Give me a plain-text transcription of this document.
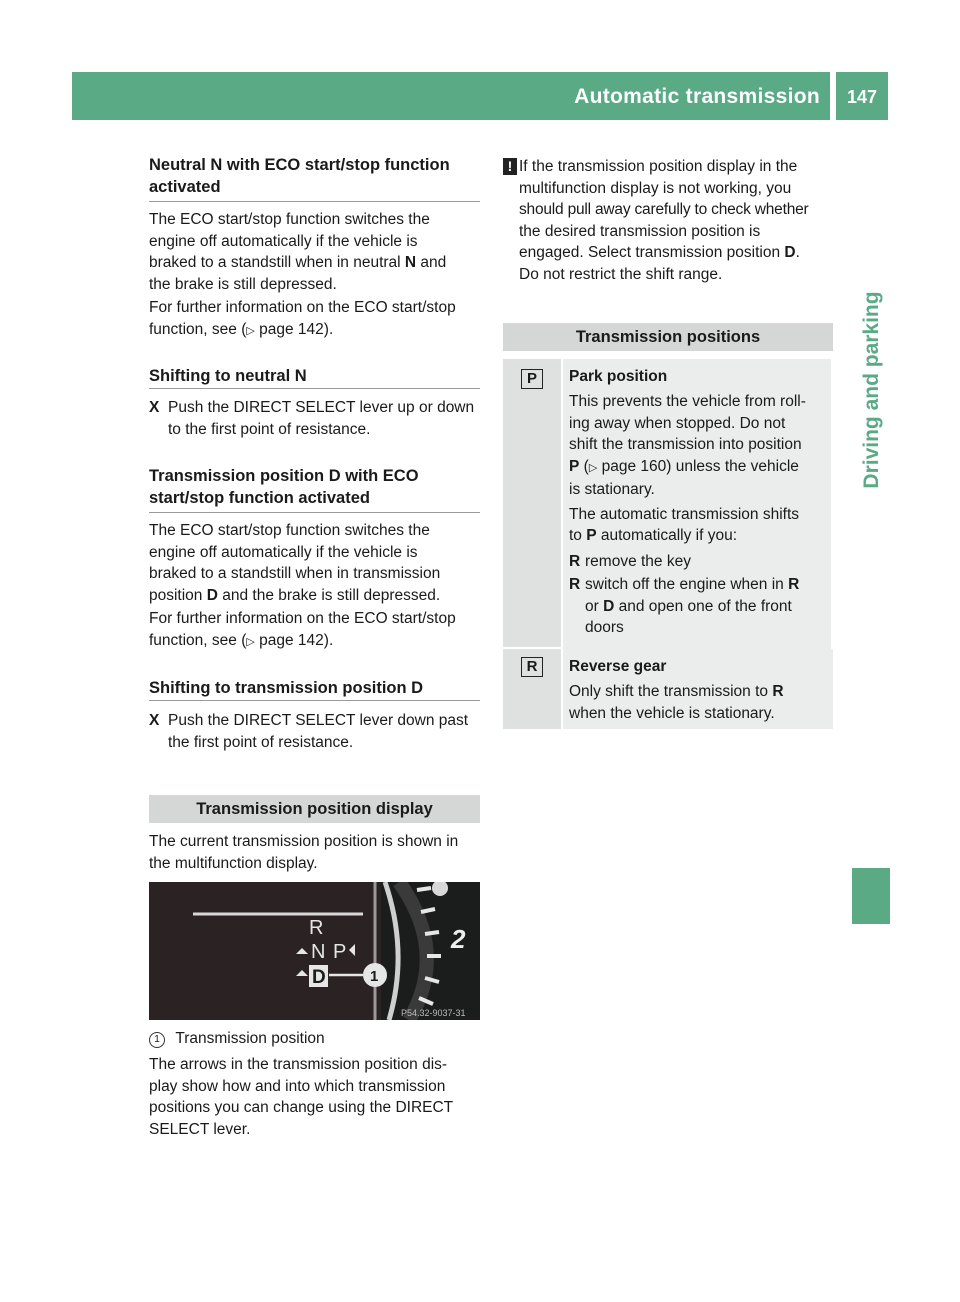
Automatic transmission	147
Driving and parking
Neutral N with ECO start/stop function activated
The ECO start/stop function switches the
engine off automatically if the vehicle is
braked to a standstill when in neutral N and
the brake is still depressed.
For further information on the ECO start/stop
function, see (▷ page 142).
Shifting to neutral N
X Push the DIRECT SELECT lever up or down
to the first point of resistance.
Transmission position D with ECO start/stop function activated
The ECO start/stop function switches the
engine off automatically if the vehicle is
braked to a standstill when in transmission
position D and the brake is still depressed.
For further information on the ECO start/stop
function, see (▷ page 142).
Shifting to transmission position D
X Push the DIRECT SELECT lever down past
the first point of resistance.
Transmission position display
The current transmission position is shown in
the multifunction display.
2
R
N P
D	1
P54.32-9037-31
1 Transmission position
The arrows in the transmission position dis-
play show how and into which transmission
positions you can change using the DIRECT
SELECT lever.
! If the transmission position display in the
multifunction display is not working, you
should pull away carefully to check whether
the desired transmission position is
engaged. Select transmission position D.
Do not restrict the shift range.
Transmission positions
P	Park position
This prevents the vehicle from roll-
ing away when stopped. Do not
shift the transmission into position
P (▷ page 160) unless the vehicle
is stationary.
The automatic transmission shifts
to P automatically if you:
R remove the key
R switch off the engine when in R
or D and open one of the front
doors
R	Reverse gear
Only shift the transmission to R
when the vehicle is stationary.
